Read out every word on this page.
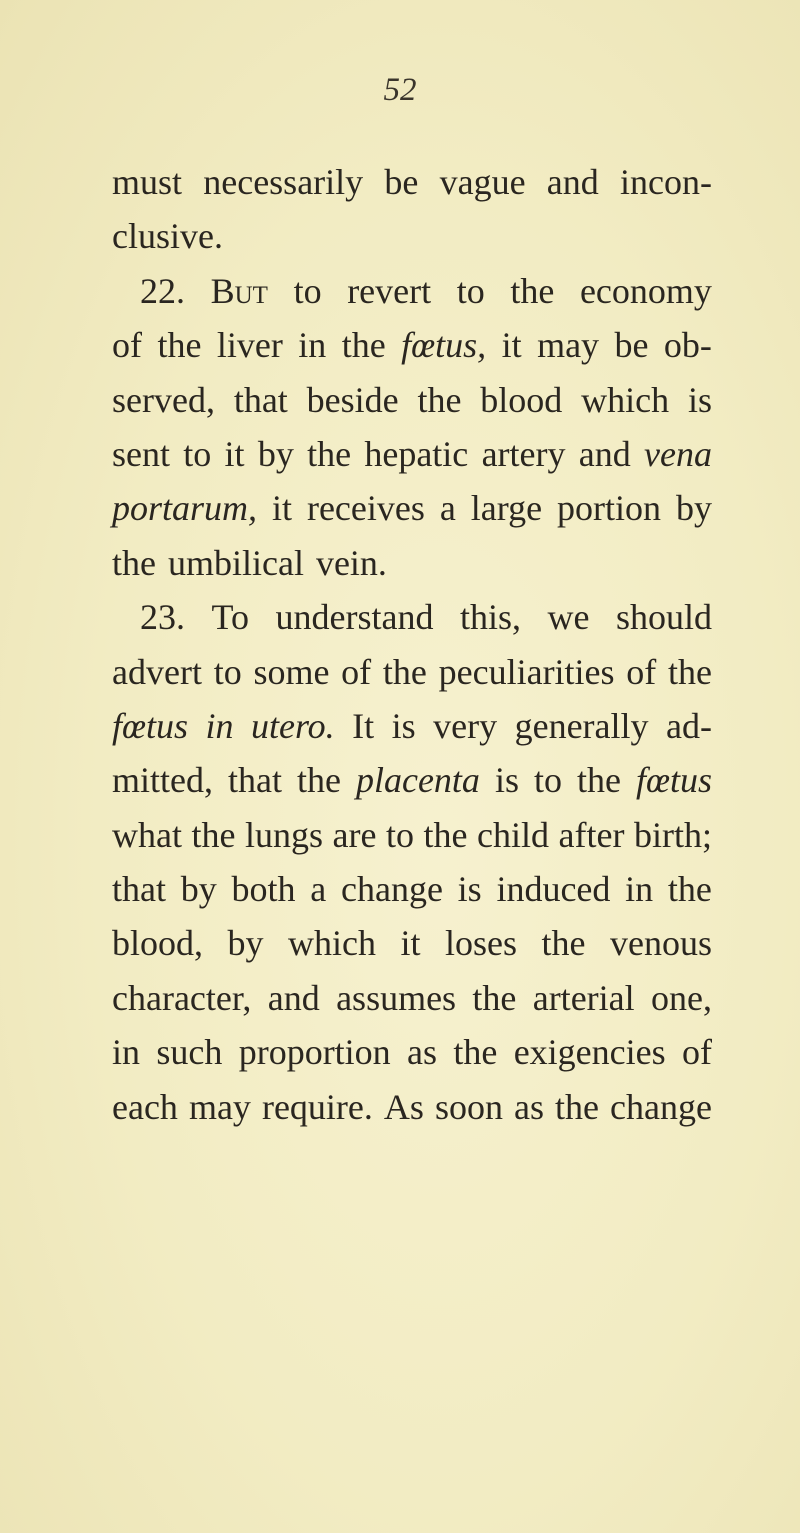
52
must necessarily be vague and incon-
clusive.
22. But to revert to the economy
of the liver in the fœtus, it may be ob-
served, that beside the blood which is
sent to it by the hepatic artery and vena
portarum, it receives a large portion by
the umbilical vein.
23. To understand this, we should
advert to some of the peculiarities of the
fœtus in utero. It is very generally ad-
mitted, that the placenta is to the fœtus
what the lungs are to the child after birth;
that by both a change is induced in the
blood, by which it loses the venous
character, and assumes the arterial one,
in such proportion as the exigencies of
each may require. As soon as the change
